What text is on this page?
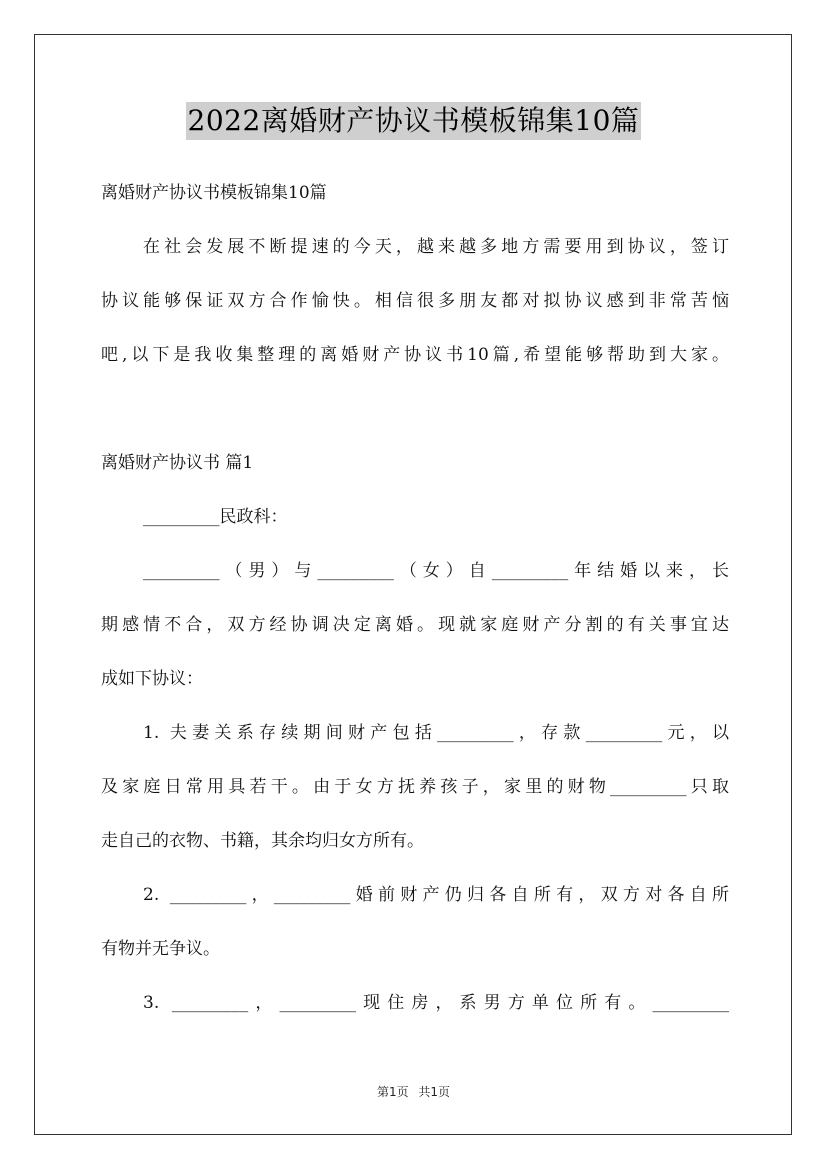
2022离婚财产协议书模板锦集10篇
离婚财产协议书模板锦集10篇
在社会发展不断提速的今天，越来越多地方需要用到协议，签订
协议能够保证双方合作愉快。相信很多朋友都对拟协议感到非常苦恼
吧,以下是我收集整理的离婚财产协议书10篇,希望能够帮助到大家。
离婚财产协议书 篇1
_________民政科：
_________（男）与_________（女）自_________年结婚以来，长
期感情不合，双方经协调决定离婚。现就家庭财产分割的有关事宜达
成如下协议：
1. 夫妻关系存续期间财产包括_________，存款_________元，以
及家庭日常用具若干。由于女方抚养孩子，家里的财物_________只取
走自己的衣物、书籍，其余均归女方所有。
2. _________，_________婚前财产仍归各自所有，双方对各自所
有物并无争议。
3. _________，_________现住房，系男方单位所有。_________
第1页 共1页
